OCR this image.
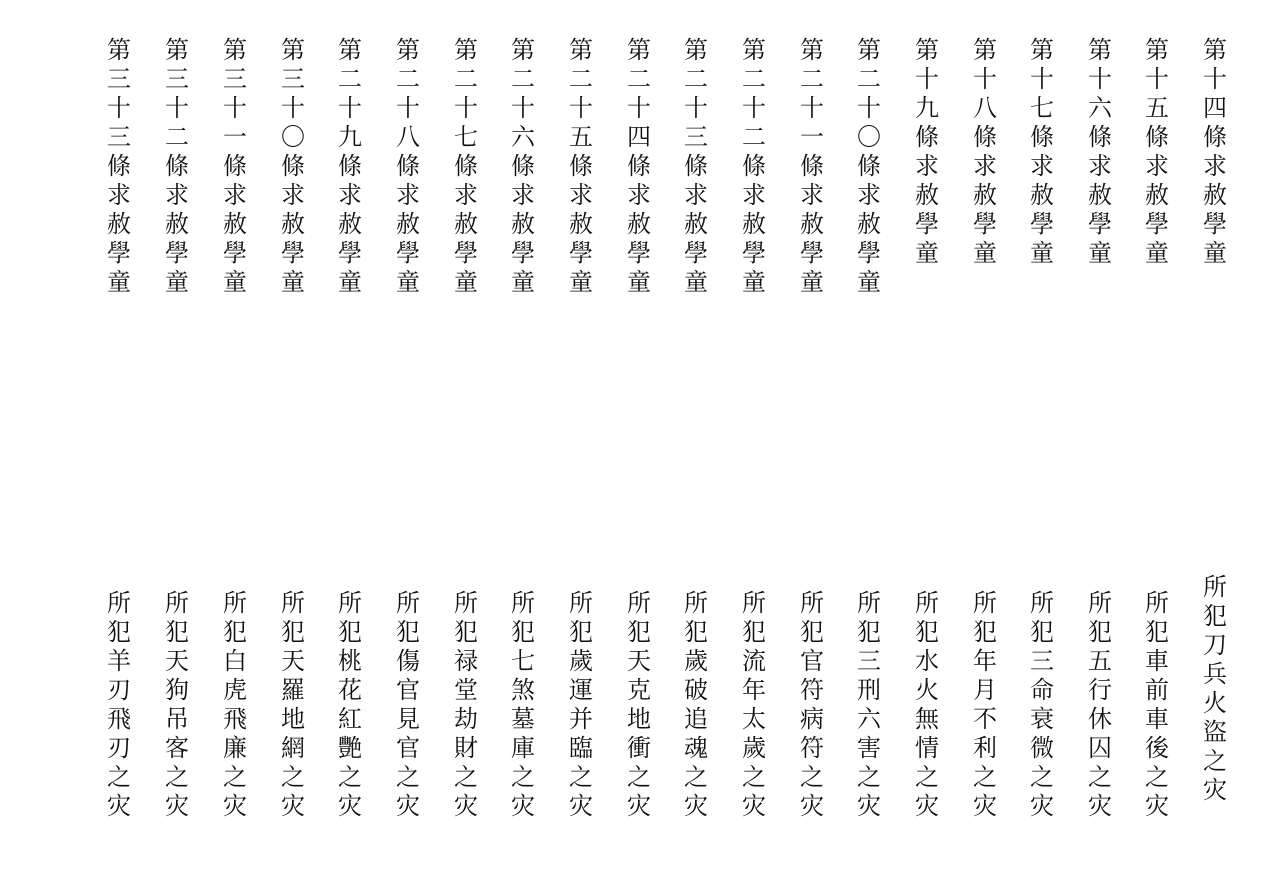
第十四條求赦學童
所犯刀兵火盜之灾
第十五條求赦學童
所犯車前車後之灾
第十六條求赦學童
所犯五行休囚之灾
第十七條求赦學童
所犯三命衰微之灾
第十八條求赦學童
所犯年月不利之灾
第十九條求赦學童
所犯水火無情之灾
第二十〇條求赦學童
所犯三刑六害之灾
第二十一條求赦學童
所犯官符病符之灾
第二十二條求赦學童
所犯流年太歲之灾
第二十三條求赦學童
所犯歲破追魂之灾
第二十四條求赦學童
所犯天克地衝之灾
第二十五條求赦學童
所犯歲運并臨之灾
第二十六條求赦學童
所犯七煞墓庫之灾
第二十七條求赦學童
所犯禄堂劫財之灾
第二十八條求赦學童
所犯傷官見官之灾
第二十九條求赦學童
所犯桃花紅艷之灾
第三十〇條求赦學童
所犯天羅地網之灾
第三十一條求赦學童
所犯白虎飛廉之灾
第三十二條求赦學童
所犯天狗吊客之灾
第三十三條求赦學童
所犯羊刃飛刃之灾
